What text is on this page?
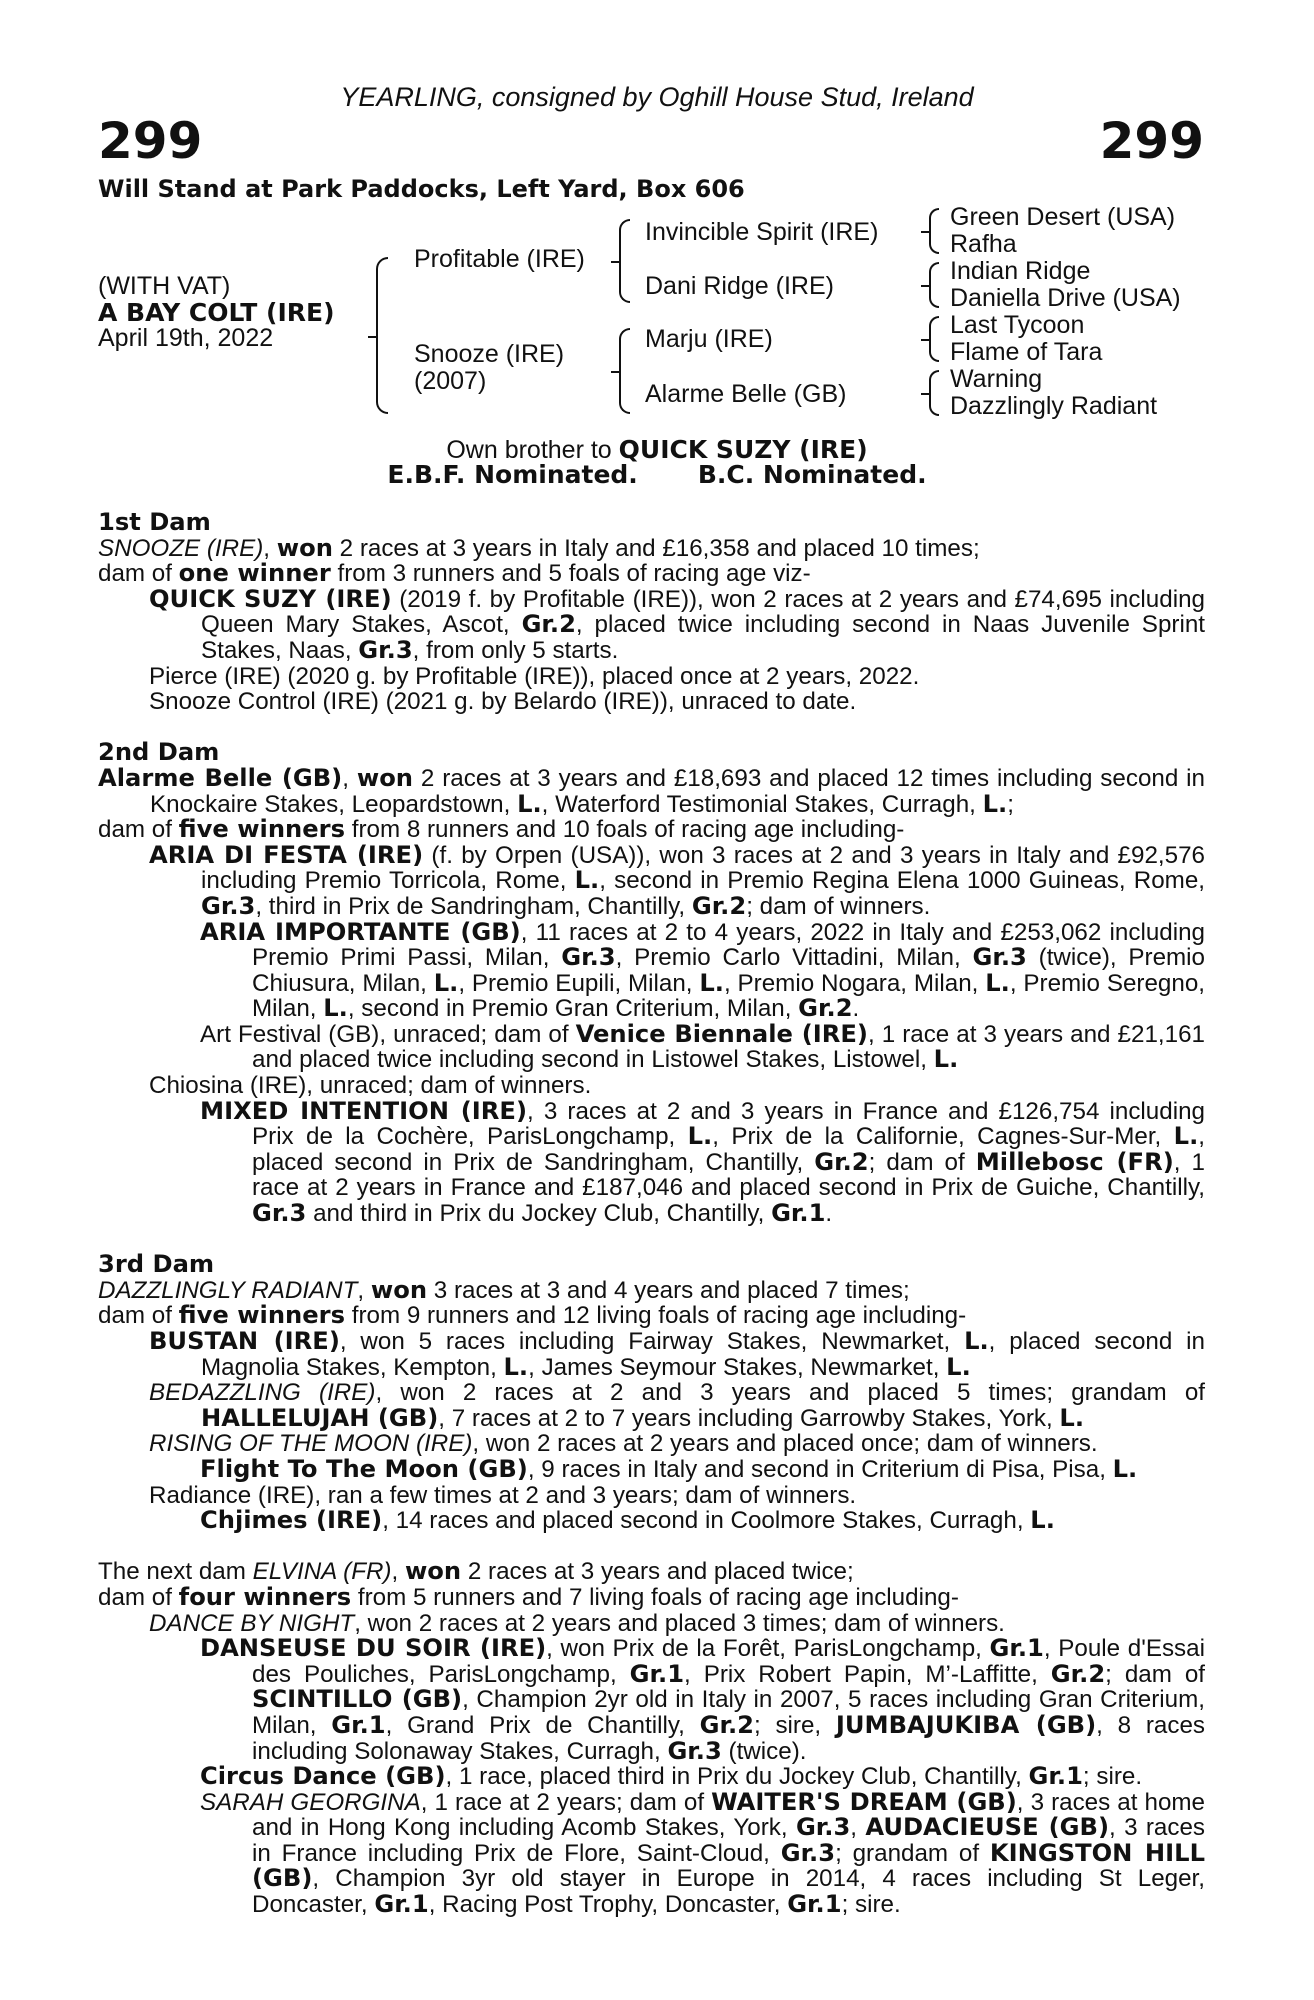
YEARLING, consigned by Oghill House Stud, Ireland
299	299
Will Stand at Park Paddocks, Left Yard, Box 606
(WITH VAT)
A BAY COLT (IRE)
April 19th, 2022
Profitable (IRE)
Snooze (IRE)
(2007)
Invincible Spirit (IRE)
Dani Ridge (IRE)
Marju (IRE)
Alarme Belle (GB)
Green Desert (USA)
Rafha
Indian Ridge
Daniella Drive (USA)
Last Tycoon
Flame of Tara
Warning
Dazzlingly Radiant
Own brother to QUICK SUZY (IRE)
E.B.F. Nominated. B.C. Nominated.

1st Dam

SNOOZE (IRE), won 2 races at 3 years in Italy and £16,358 and placed 10 times;

dam of one winner from 3 runners and 5 foals of racing age viz-

QUICK SUZY (IRE) (2019 f. by Profitable (IRE)), won 2 races at 2 years and £74,695 including Queen Mary Stakes, Ascot, Gr.2, placed twice including second in Naas Juvenile Sprint Stakes, Naas, Gr.3, from only 5 starts.

Pierce (IRE) (2020 g. by Profitable (IRE)), placed once at 2 years, 2022.

Snooze Control (IRE) (2021 g. by Belardo (IRE)), unraced to date.

2nd Dam

Alarme Belle (GB), won 2 races at 3 years and £18,693 and placed 12 times including second in Knockaire Stakes, Leopardstown, L., Waterford Testimonial Stakes, Curragh, L.;

dam of five winners from 8 runners and 10 foals of racing age including-

ARIA DI FESTA (IRE) (f. by Orpen (USA)), won 3 races at 2 and 3 years in Italy and £92,576 including Premio Torricola, Rome, L., second in Premio Regina Elena 1000 Guineas, Rome, Gr.3, third in Prix de Sandringham, Chantilly, Gr.2; dam of winners.

ARIA IMPORTANTE (GB), 11 races at 2 to 4 years, 2022 in Italy and £253,062 including Premio Primi Passi, Milan, Gr.3, Premio Carlo Vittadini, Milan, Gr.3 (twice), Premio Chiusura, Milan, L., Premio Eupili, Milan, L., Premio Nogara, Milan, L., Premio Seregno, Milan, L., second in Premio Gran Criterium, Milan, Gr.2.

Art Festival (GB), unraced; dam of Venice Biennale (IRE), 1 race at 3 years and £21,161 and placed twice including second in Listowel Stakes, Listowel, L.

Chiosina (IRE), unraced; dam of winners.

MIXED INTENTION (IRE), 3 races at 2 and 3 years in France and £126,754 including Prix de la Cochère, ParisLongchamp, L., Prix de la Californie, Cagnes-Sur-Mer, L., placed second in Prix de Sandringham, Chantilly, Gr.2; dam of Millebosc (FR), 1 race at 2 years in France and £187,046 and placed second in Prix de Guiche, Chantilly, Gr.3 and third in Prix du Jockey Club, Chantilly, Gr.1.

3rd Dam

DAZZLINGLY RADIANT, won 3 races at 3 and 4 years and placed 7 times;

dam of five winners from 9 runners and 12 living foals of racing age including-

BUSTAN (IRE), won 5 races including Fairway Stakes, Newmarket, L., placed second in Magnolia Stakes, Kempton, L., James Seymour Stakes, Newmarket, L.

BEDAZZLING (IRE), won 2 races at 2 and 3 years and placed 5 times; grandam of HALLELUJAH (GB), 7 races at 2 to 7 years including Garrowby Stakes, York, L.

RISING OF THE MOON (IRE), won 2 races at 2 years and placed once; dam of winners.

Flight To The Moon (GB), 9 races in Italy and second in Criterium di Pisa, Pisa, L.

Radiance (IRE), ran a few times at 2 and 3 years; dam of winners.

Chjimes (IRE), 14 races and placed second in Coolmore Stakes, Curragh, L.

The next dam ELVINA (FR), won 2 races at 3 years and placed twice;

dam of four winners from 5 runners and 7 living foals of racing age including-

DANCE BY NIGHT, won 2 races at 2 years and placed 3 times; dam of winners.

DANSEUSE DU SOIR (IRE), won Prix de la Forêt, ParisLongchamp, Gr.1, Poule d'Essai des Pouliches, ParisLongchamp, Gr.1, Prix Robert Papin, M’-Laffitte, Gr.2; dam of SCINTILLO (GB), Champion 2yr old in Italy in 2007, 5 races including Gran Criterium, Milan, Gr.1, Grand Prix de Chantilly, Gr.2; sire, JUMBAJUKIBA (GB), 8 races including Solonaway Stakes, Curragh, Gr.3 (twice).

Circus Dance (GB), 1 race, placed third in Prix du Jockey Club, Chantilly, Gr.1; sire.

SARAH GEORGINA, 1 race at 2 years; dam of WAITER'S DREAM (GB), 3 races at home and in Hong Kong including Acomb Stakes, York, Gr.3, AUDACIEUSE (GB), 3 races in France including Prix de Flore, Saint-Cloud, Gr.3; grandam of KINGSTON HILL (GB), Champion 3yr old stayer in Europe in 2014, 4 races including St Leger, Doncaster, Gr.1, Racing Post Trophy, Doncaster, Gr.1; sire.
